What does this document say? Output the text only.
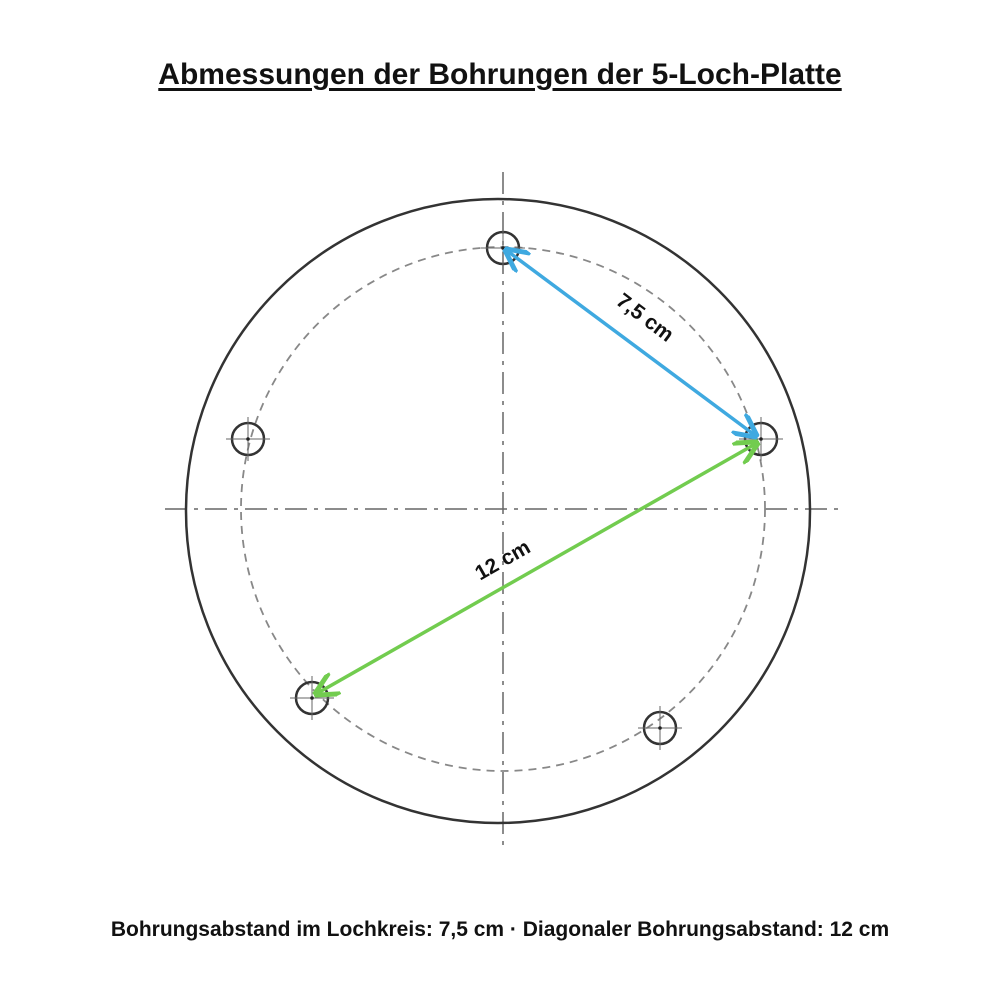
Abmessungen der Bohrungen der 5-Loch-Platte
7,5 cm
12 cm
Bohrungsabstand im Lochkreis: 7,5 cm · Diagonaler Bohrungsabstand: 12 cm
